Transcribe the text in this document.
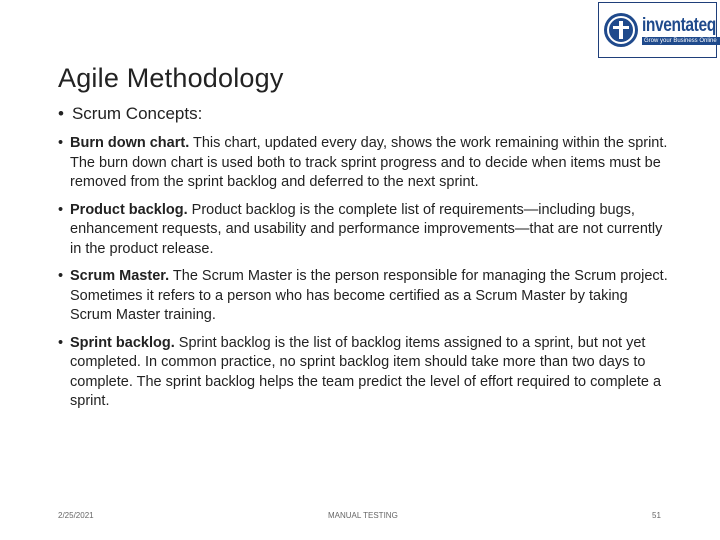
inventateq
Grow your Business Online
Agile Methodology
• Scrum Concepts:
• Burn down chart. This chart, updated every day, shows the work remaining within the sprint. The burn down chart is used both to track sprint progress and to decide when items must be removed from the sprint backlog and deferred to the next sprint.
• Product backlog. Product backlog is the complete list of requirements—including bugs, enhancement requests, and usability and performance improvements—that are not currently in the product release.
• Scrum Master. The Scrum Master is the person responsible for managing the Scrum project. Sometimes it refers to a person who has become certified as a Scrum Master by taking Scrum Master training.
• Sprint backlog. Sprint backlog is the list of backlog items assigned to a sprint, but not yet completed. In common practice, no sprint backlog item should take more than two days to complete. The sprint backlog helps the team predict the level of effort required to complete a sprint.
2/25/2021	MANUAL TESTING	51
